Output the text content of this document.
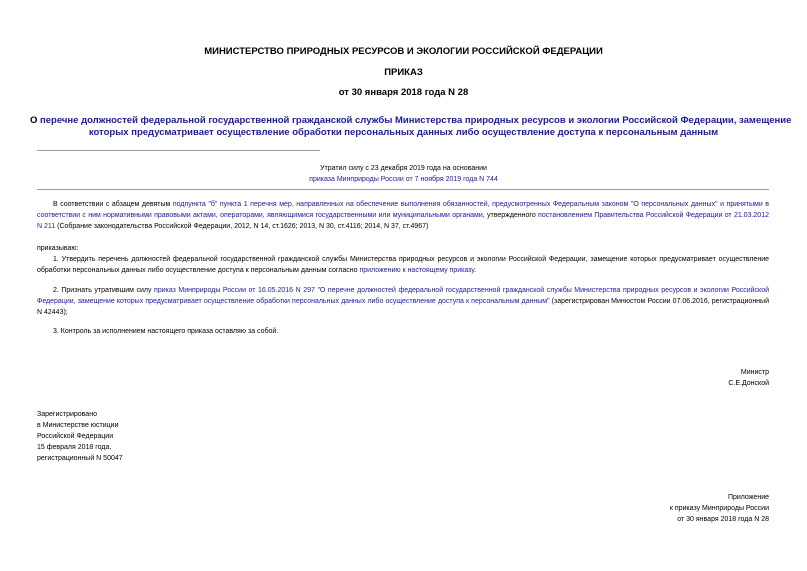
МИНИСТЕРСТВО ПРИРОДНЫХ РЕСУРСОВ И ЭКОЛОГИИ РОССИЙСКОЙ ФЕДЕРАЦИИ
ПРИКАЗ
от 30 января 2018 года N 28
О перечне должностей федеральной государственной гражданской службы Министерства природных ресурсов и экологии Российской Федерации, замещение
которых предусматривает осуществление обработки персональных данных либо осуществление доступа к персональным данным
Утратил силу с 23 декабря 2019 года на основании
приказа Минприроды России от 7 ноября 2019 года N 744
В соответствии с абзацем девятым подпункта "б" пункта 1 перечня мер, направленных на обеспечение выполнения обязанностей, предусмотренных Федеральным законом "О персональных данных" и принятыми в соответствии с ним нормативными правовыми актами, операторами, являющимися государственными или муниципальными органами, утвержденного постановлением Правительства Российской Федерации от 21.03.2012 N 211 (Собрание законодательства Российской Федерации, 2012, N 14, ст.1626; 2013, N 30, ст.4116; 2014, N 37, ст.4967)
приказываю:
1. Утвердить перечень должностей федеральной государственной гражданской службы Министерства природных ресурсов и экологии Российской Федерации, замещение которых предусматривает осуществление обработки персональных данных либо осуществление доступа к персональным данным согласно приложению к настоящему приказу.
2. Признать утратившим силу приказ Минприроды России от 16.05.2016 N 297 "О перечне должностей федеральной государственной гражданской службы Министерства природных ресурсов и экологии Российской Федерации, замещение которых предусматривает осуществление обработки персональных данных либо осуществление доступа к персональным данным" (зарегистрирован Минюстом России 07.06.2016, регистрационный N 42443);
3. Контроль за исполнением настоящего приказа оставляю за собой.
Министр
С.Е.Донской
Зарегистрировано
в Министерстве юстиции
Российской Федерации
15 февраля 2018 года,
регистрационный N 50047
Приложение
к приказу Минприроды России
от 30 января 2018 года N 28
